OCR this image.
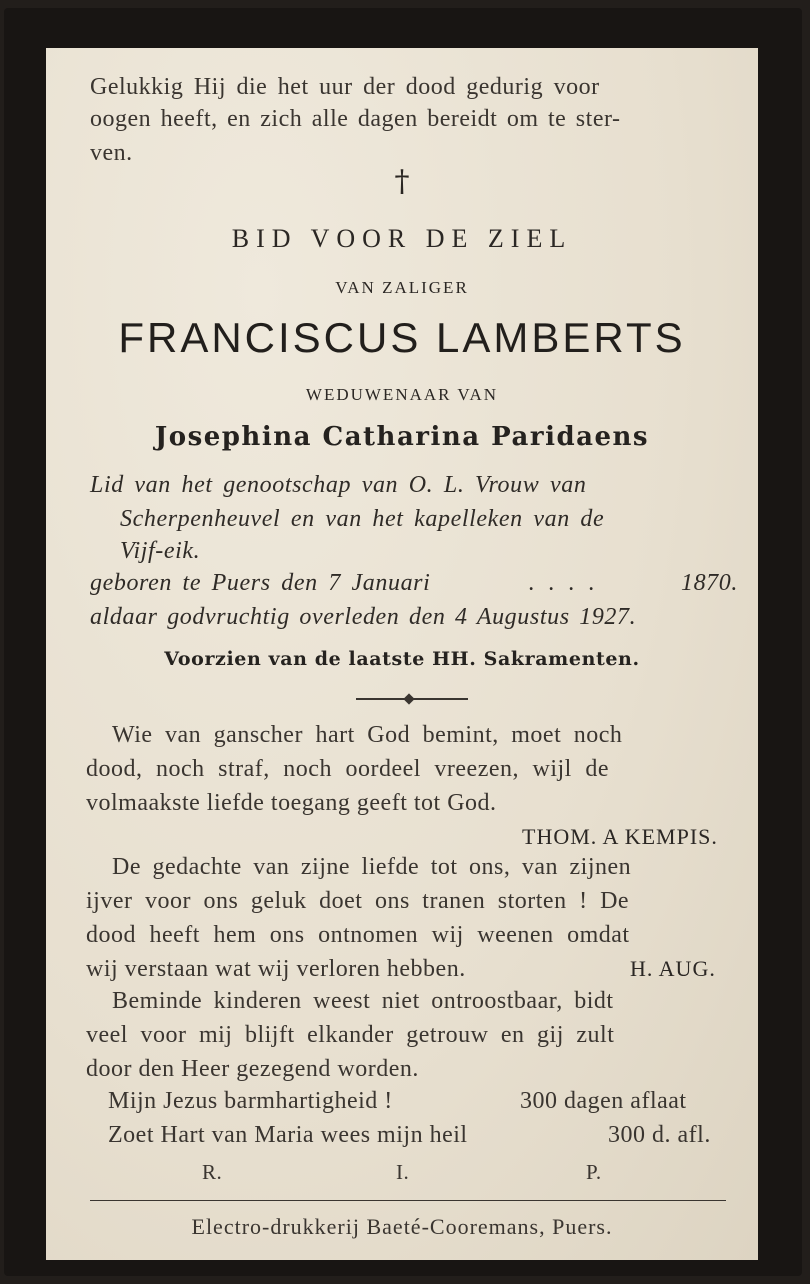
Gelukkig Hij die het uur der dood gedurig voor
oogen heeft, en zich alle dagen bereidt om te ster-
ven.
†
BID VOOR DE ZIEL
VAN ZALIGER
FRANCISCUS LAMBERTS
WEDUWENAAR VAN
Josephina Catharina Paridaens
Lid van het genootschap van O. L. Vrouw van
Scherpenheuvel en van het kapelleken van de
Vijf-eik.
geboren te Puers den 7 Januari	. . . .	1870.
aldaar godvruchtig overleden den 4 Augustus 1927.
Voorzien van de laatste HH. Sakramenten.
Wie van ganscher hart God bemint, moet noch
dood, noch straf, noch oordeel vreezen, wijl de
volmaakste liefde toegang geeft tot God.
THOM. A KEMPIS.
De gedachte van zijne liefde tot ons, van zijnen
ijver voor ons geluk doet ons tranen storten ! De
dood heeft hem ons ontnomen wij weenen omdat
wij verstaan wat wij verloren hebben.	H. AUG.
Beminde kinderen weest niet ontroostbaar, bidt
veel voor mij blijft elkander getrouw en gij zult
door den Heer gezegend worden.
Mijn Jezus barmhartigheid !	300 dagen aflaat
Zoet Hart van Maria wees mijn heil	300 d. afl.
R.	I.	P.
Electro-drukkerij Baeté-Cooremans, Puers.
